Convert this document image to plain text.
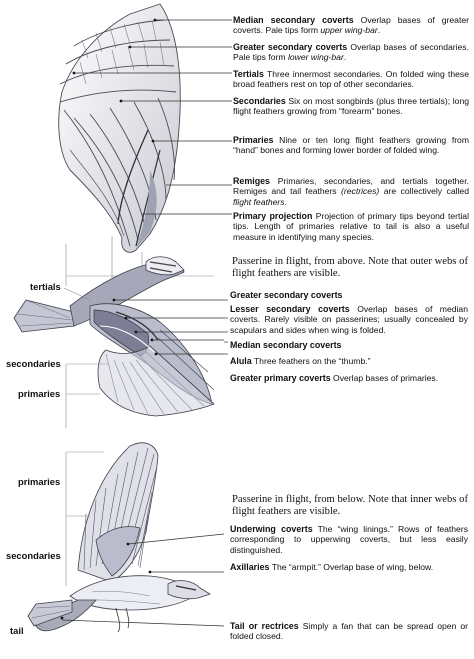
Median secondary coverts Overlap bases of greater coverts. Pale tips form upper wing-bar.
Greater secondary coverts Overlap bases of secondaries. Pale tips form lower wing-bar.
Tertials Three innermost secondaries. On folded wing these broad feathers rest on top of other secondaries.
Secondaries Six on most songbirds (plus three tertials); long flight feathers growing from “forearm” bones.
Primaries Nine or ten long flight feathers growing from “hand” bones and forming lower border of folded wing.
Remiges Primaries, secondaries, and tertials together. Remiges and tail feathers (rectrices) are collectively called flight feathers.
Primary projection Projection of primary tips beyond tertial tips. Length of primaries relative to tail is also a useful measure in identifying many species.
Passerine in flight, from above. Note that outer webs of flight feathers are visible.
tertials
secondaries
primaries
Greater secondary coverts
Lesser secondary coverts Overlap bases of median coverts. Rarely visible on passerines; usually concealed by scapulars and sides when wing is folded.
Median secondary coverts
Alula Three feathers on the “thumb.”
Greater primary coverts Overlap bases of primaries.
primaries
secondaries
tail
Passerine in flight, from below. Note that inner webs of flight feathers are visible.
Underwing coverts The “wing linings.” Rows of feathers corresponding to upperwing coverts, but less easily distinguished.
Axillaries The “armpit.” Overlap base of wing, below.
Tail or rectrices Simply a fan that can be spread open or folded closed.
